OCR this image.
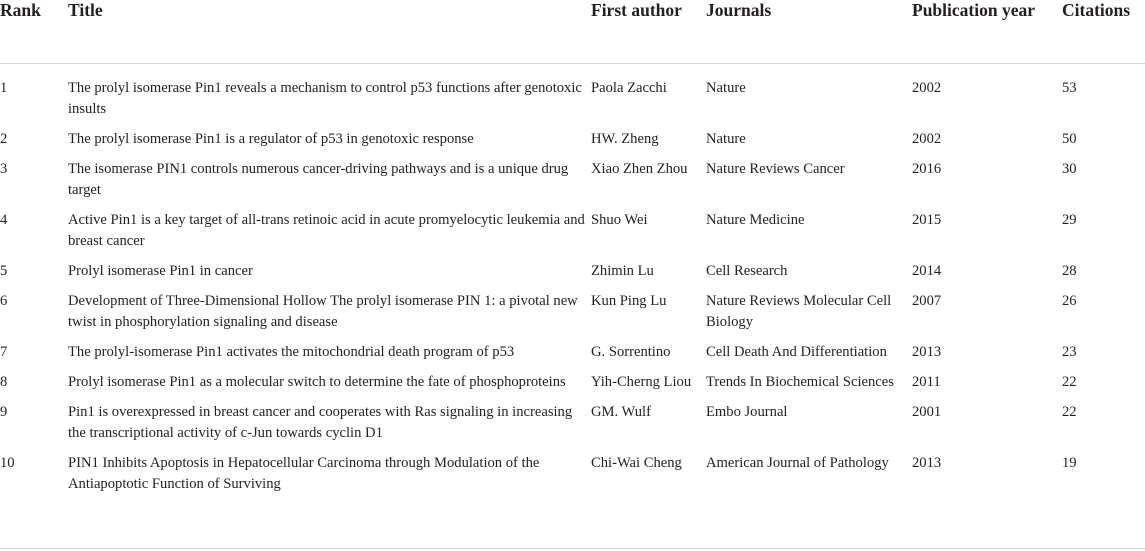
Rank	Title	First author	Journals	Publication year	Citations
1	The prolyl isomerase Pin1 reveals a mechanism to control p53 functions after genotoxic insults	Paola Zacchi	Nature	2002	53
2	The prolyl isomerase Pin1 is a regulator of p53 in genotoxic response	HW. Zheng	Nature	2002	50
3	The isomerase PIN1 controls numerous cancer-driving pathways and is a unique drug target	Xiao Zhen Zhou	Nature Reviews Cancer	2016	30
4	Active Pin1 is a key target of all-trans retinoic acid in acute promyelocytic leukemia and breast cancer	Shuo Wei	Nature Medicine	2015	29
5	Prolyl isomerase Pin1 in cancer	Zhimin Lu	Cell Research	2014	28
6	Development of Three-Dimensional Hollow The prolyl isomerase PIN 1: a pivotal new twist in phosphorylation signaling and disease	Kun Ping Lu	Nature Reviews Molecular Cell Biology	2007	26
7	The prolyl-isomerase Pin1 activates the mitochondrial death program of p53	G. Sorrentino	Cell Death And Differentiation	2013	23
8	Prolyl isomerase Pin1 as a molecular switch to determine the fate of phosphoproteins	Yih-Cherng Liou	Trends In Biochemical Sciences	2011	22
9	Pin1 is overexpressed in breast cancer and cooperates with Ras signaling in increasing the transcriptional activity of c-Jun towards cyclin D1	GM. Wulf	Embo Journal	2001	22
10	PIN1 Inhibits Apoptosis in Hepatocellular Carcinoma through Modulation of the Antiapoptotic Function of Surviving	Chi-Wai Cheng	American Journal of Pathology	2013	19
